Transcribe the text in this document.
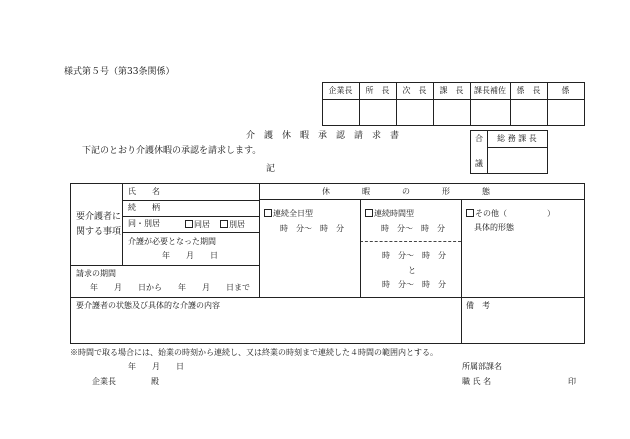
様式第５号（第33条関係）
企業長	所　長	次　長	課　長	課長補佐	係　長	係
介　護　休　暇　承　認　請　求　書
下記のとおり介護休暇の承認を請求します。
記
合
議
総 務 課 長
要介護者に
関する事項
氏　　名
続　　柄
同・別居	同居	別居
介護が必要となった期間
年　　月　　日
休　　　　暇　　　　の　　　　形　　　　態
連続全日型
時　分～　時　分
連続時間型
時　分～　時　分
時　分～　時　分
と
時　分～　時　分
その他（　　　　　）
具体的形態
請求の期間
年　　月　　日から　　年　　月　　日まで
要介護者の状態及び具体的な介護の内容	備　考
※時間で取る場合には、始業の時刻から連続し、又は終業の時刻まで連続した４時間の範囲内とする。
年　　月　　日	所属部課名
企業長	殿	職 氏 名	印
